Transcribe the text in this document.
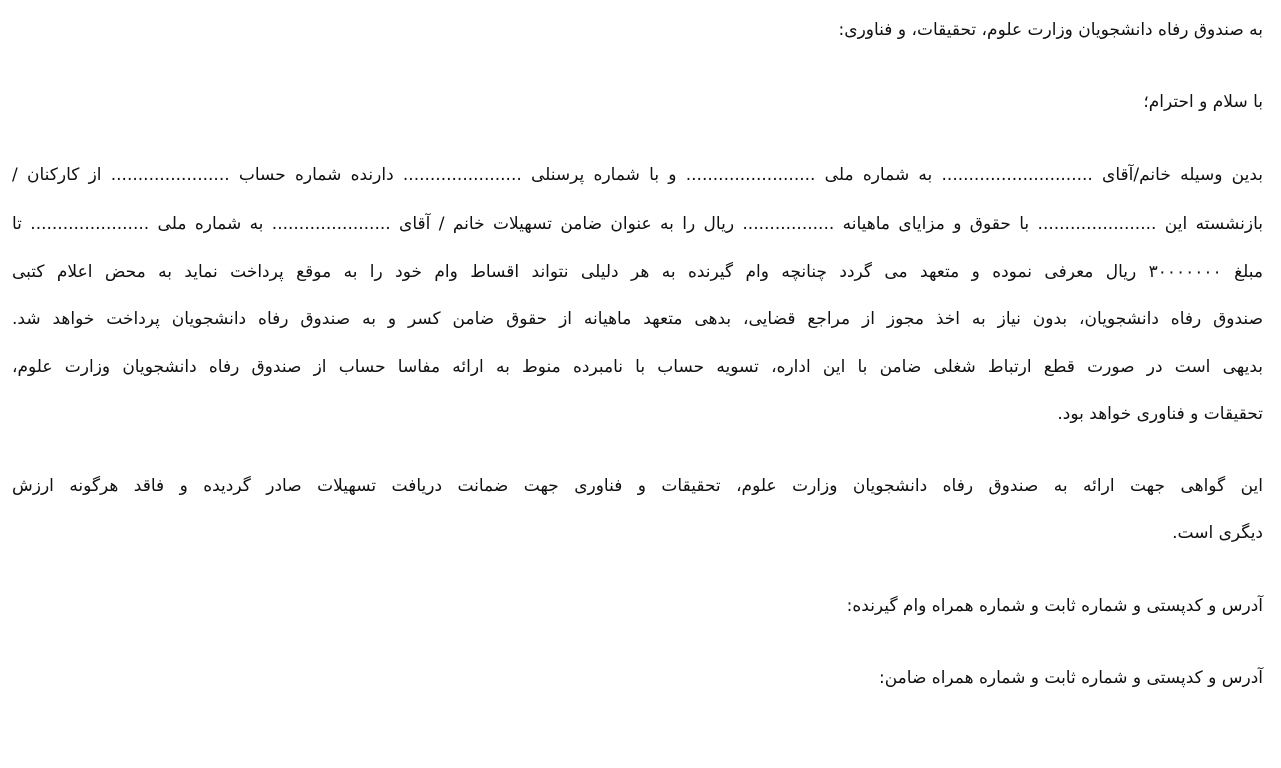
به صندوق رفاه دانشجویان وزارت علوم، تحقیقات، و فناوری:

با سلام و احترام؛

بدین وسیله خانم/آقای ............................ به شماره ملی ........................ و با شماره پرسنلی ...................... دارنده شماره حساب ...................... از کارکنان /

بازنشسته این ...................... با حقوق و مزایای ماهیانه ................. ریال را به عنوان ضامن تسهیلات خانم / آقای ...................... به شماره ملی ...................... تا

مبلغ ۳۰۰۰۰۰۰۰ ریال معرفی نموده و متعهد می گردد چنانچه وام گیرنده به هر دلیلی نتواند اقساط وام خود را به موقع پرداخت نماید به محض اعلام کتبی

صندوق رفاه دانشجویان، بدون نیاز به اخذ مجوز از مراجع قضایی، بدهی متعهد ماهیانه از حقوق ضامن کسر و به صندوق رفاه دانشجویان پرداخت خواهد شد.

بدیهی است در صورت قطع ارتباط شغلی ضامن با این اداره، تسویه حساب با نامبرده منوط به ارائه مفاسا حساب از صندوق رفاه دانشجویان وزارت علوم،

تحقیقات و فناوری خواهد بود.

این گواهی جهت ارائه به صندوق رفاه دانشجویان وزارت علوم، تحقیقات و فناوری جهت ضمانت دریافت تسهیلات صادر گردیده و فاقد هرگونه ارزش

دیگری است.

آدرس و کدپستی و شماره ثابت و شماره همراه وام گیرنده:

آدرس و کدپستی و شماره ثابت و شماره همراه ضامن:
